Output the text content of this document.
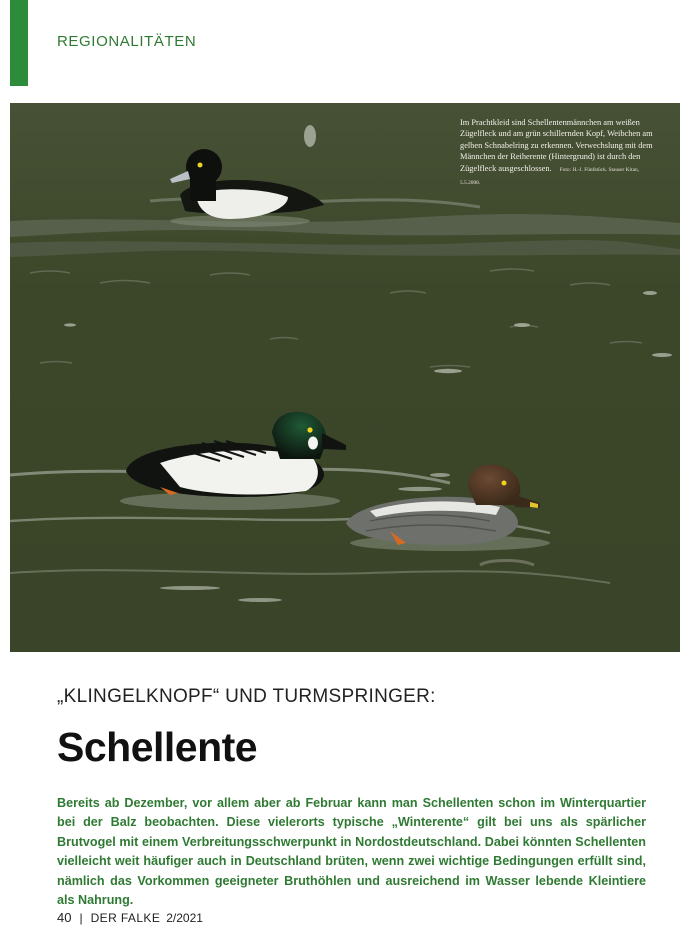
REGIONALITÄTEN
Im Prachtkleid sind Schellentenmännchen am weißen Zügelfleck und am grün schillernden Kopf, Weibchen am gelben Schnabelring zu erkennen. Verwechslung mit dem Männchen der Reiherente (Hintergrund) ist durch den Zügelfleck ausgeschlossen. Foto: H.-J. Fünfstück. Stauser Kitan, 5.5.2008.
„KLINGELKNOPF“ UND TURMSPRINGER:
Schellente
Bereits ab Dezember, vor allem aber ab Februar kann man Schellenten schon im Winterquartier bei der Balz beobachten. Diese vielerorts typische „Winterente“ gilt bei uns als spärlicher Brutvogel mit einem Verbreitungsschwerpunkt in Nordostdeutschland. Dabei könnten Schellenten vielleicht weit häufiger auch in Deutschland brüten, wenn zwei wichtige Bedingungen erfüllt sind, nämlich das Vorkommen geeigneter Bruthöhlen und ausreichend im Wasser lebende Kleintiere als Nahrung.
40 | DER FALKE 2/2021
